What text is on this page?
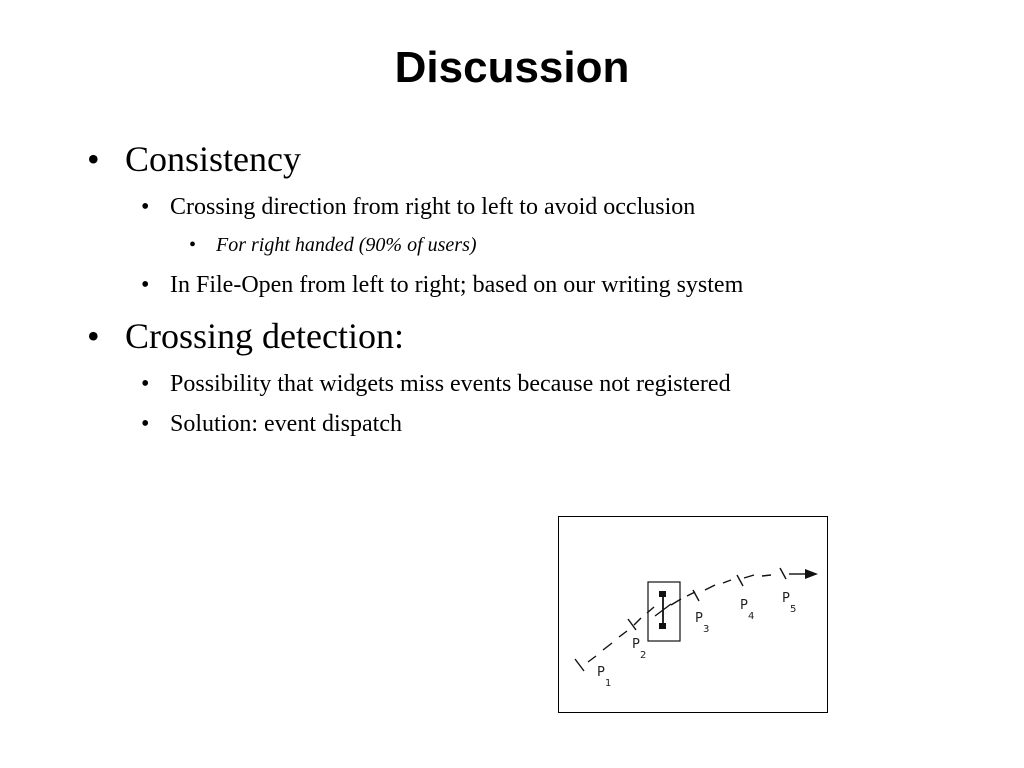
Discussion
• Consistency
• Crossing direction from right to left to avoid occlusion
• For right handed (90% of users)
• In File-Open from left to right; based on our writing system
• Crossing detection:
• Possibility that widgets miss events because not registered
• Solution: event dispatch
P
1
P
2
P
3
P
4
P
5
